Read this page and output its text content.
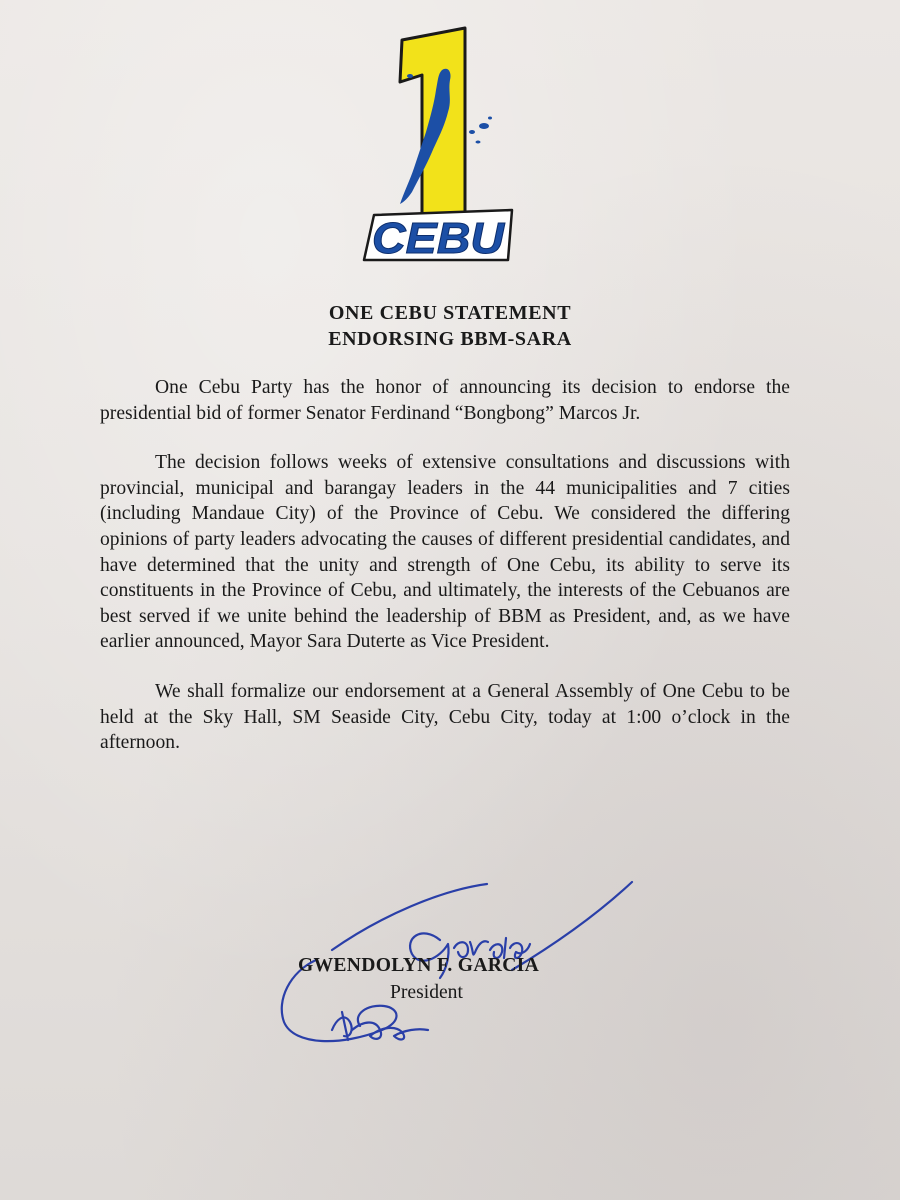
CEBU
ONE CEBU STATEMENT
ENDORSING BBM-SARA

One Cebu Party has the honor of announcing its decision to endorse the presidential bid of former Senator Ferdinand “Bongbong” Marcos Jr.

The decision follows weeks of extensive consultations and discussions with provincial, municipal and barangay leaders in the 44 municipalities and 7 cities (including Mandaue City) of the Province of Cebu. We considered the differing opinions of party leaders advocating the causes of different presidential candidates, and have determined that the unity and strength of One Cebu, its ability to serve its constituents in the Province of Cebu, and ultimately, the interests of the Cebuanos are best served if we unite behind the leadership of BBM as President, and, as we have earlier announced, Mayor Sara Duterte as Vice President.

We shall formalize our endorsement at a General Assembly of One Cebu to be held at the Sky Hall, SM Seaside City, Cebu City, today at 1:00 o’clock in the afternoon.

GWENDOLYN F. GARCIA
President
